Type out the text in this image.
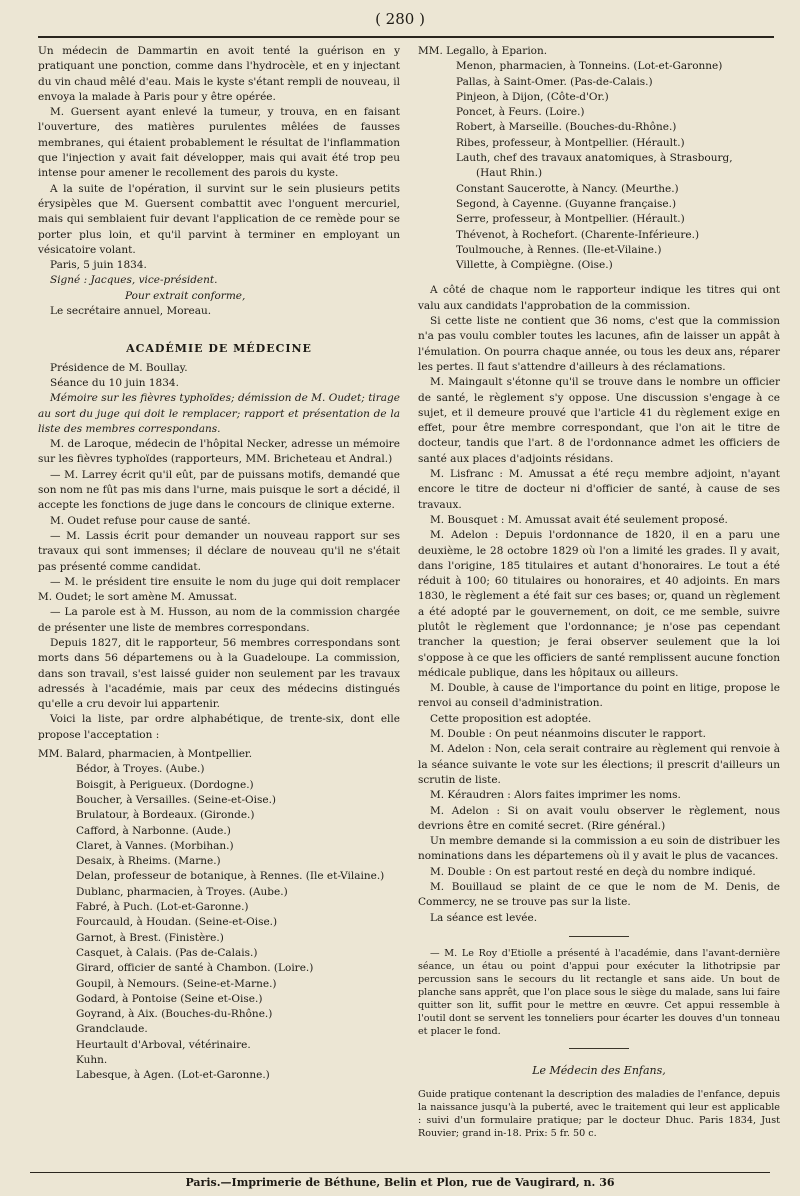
( 280 )

Un médecin de Dammartin en avoit tenté la guérison en y pratiquant une ponction, comme dans l'hydrocèle, et en y injectant du vin chaud mêlé d'eau. Mais le kyste s'étant rempli de nouveau, il envoya la malade à Paris pour y être opérée.

M. Guersent ayant enlevé la tumeur, y trouva, en en faisant l'ouverture, des matières purulentes mêlées de fausses membranes, qui étaient probablement le résultat de l'inflammation que l'injection y avait fait développer, mais qui avait été trop peu intense pour amener le recollement des parois du kyste.

A la suite de l'opération, il survint sur le sein plusieurs petits érysipèles que M. Guersent combattit avec l'onguent mercuriel, mais qui semblaient fuir devant l'application de ce remède pour se porter plus loin, et qu'il parvint à terminer en employant un vésicatoire volant.

Paris, 5 juin 1834.

Signé : Jacques, vice-président.

Pour extrait conforme,

Le secrétaire annuel, Moreau.

ACADÉMIE DE MÉDECINE

Présidence de M. Boullay.

Séance du 10 juin 1834.

Mémoire sur les fièvres typhoïdes; démission de M. Oudet; tirage au sort du juge qui doit le remplacer; rapport et présentation de la liste des membres correspondans.

M. de Laroque, médecin de l'hôpital Necker, adresse un mémoire sur les fièvres typhoïdes (rapporteurs, MM. Bricheteau et Andral.)

— M. Larrey écrit qu'il eût, par de puissans motifs, demandé que son nom ne fût pas mis dans l'urne, mais puisque le sort a décidé, il accepte les fonctions de juge dans le concours de clinique externe.

M. Oudet refuse pour cause de santé.

— M. Lassis écrit pour demander un nouveau rapport sur ses travaux qui sont immenses; il déclare de nouveau qu'il ne s'était pas présenté comme candidat.

— M. le président tire ensuite le nom du juge qui doit remplacer M. Oudet; le sort amène M. Amussat.

— La parole est à M. Husson, au nom de la commission chargée de présenter une liste de membres correspondans.

Depuis 1827, dit le rapporteur, 56 membres correspondans sont morts dans 56 départemens ou à la Guadeloupe. La commission, dans son travail, s'est laissé guider non seulement par les travaux adressés à l'académie, mais par ceux des médecins distingués qu'elle a cru devoir lui appartenir.

Voici la liste, par ordre alphabétique, de trente-six, dont elle propose l'acceptation :

MM. Balard, pharmacien, à Montpellier.
Bédor, à Troyes. (Aube.)
Boisgit, à Perigueux. (Dordogne.)
Boucher, à Versailles. (Seine-et-Oise.)
Brulatour, à Bordeaux. (Gironde.)
Cafford, à Narbonne. (Aude.)
Claret, à Vannes. (Morbihan.)
Desaix, à Rheims. (Marne.)
Delan, professeur de botanique, à Rennes. (Ile et-Vilaine.)
Dublanc, pharmacien, à Troyes. (Aube.)
Fabré, à Puch. (Lot-et-Garonne.)
Fourcauld, à Houdan. (Seine-et-Oise.)
Garnot, à Brest. (Finistère.)
Casquet, à Calais. (Pas de-Calais.)
Girard, officier de santé à Chambon. (Loire.)
Goupil, à Nemours. (Seine-et-Marne.)
Godard, à Pontoise (Seine et-Oise.)
Goyrand, à Aix. (Bouches-du-Rhône.)
Grandclaude.
Heurtault d'Arboval, vétérinaire.
Kuhn.
Labesque, à Agen. (Lot-et-Garonne.)
MM. Legallo, à Eparion.
Menon, pharmacien, à Tonneins. (Lot-et-Garonne)
Pallas, à Saint-Omer. (Pas-de-Calais.)
Pinjeon, à Dijon, (Côte-d'Or.)
Poncet, à Feurs. (Loire.)
Robert, à Marseille. (Bouches-du-Rhône.)
Ribes, professeur, à Montpellier. (Hérault.)
Lauth, chef des travaux anatomiques, à Strasbourg,
(Haut Rhin.)
Constant Saucerotte, à Nancy. (Meurthe.)
Segond, à Cayenne. (Guyanne française.)
Serre, professeur, à Montpellier. (Hérault.)
Thévenot, à Rochefort. (Charente-Inférieure.)
Toulmouche, à Rennes. (Ile-et-Vilaine.)
Villette, à Compiègne. (Oise.)

A côté de chaque nom le rapporteur indique les titres qui ont valu aux candidats l'approbation de la commission.

Si cette liste ne contient que 36 noms, c'est que la commission n'a pas voulu combler toutes les lacunes, afin de laisser un appât à l'émulation. On pourra chaque année, ou tous les deux ans, réparer les pertes. Il faut s'attendre d'ailleurs à des réclamations.

M. Maingault s'étonne qu'il se trouve dans le nombre un officier de santé, le règlement s'y oppose. Une discussion s'engage à ce sujet, et il demeure prouvé que l'article 41 du règlement exige en effet, pour être membre correspondant, que l'on ait le titre de docteur, tandis que l'art. 8 de l'ordonnance admet les officiers de santé aux places d'adjoints résidans.

M. Lisfranc : M. Amussat a été reçu membre adjoint, n'ayant encore le titre de docteur ni d'officier de santé, à cause de ses travaux.

M. Bousquet : M. Amussat avait été seulement proposé.

M. Adelon : Depuis l'ordonnance de 1820, il en a paru une deuxième, le 28 octobre 1829 où l'on a limité les grades. Il y avait, dans l'origine, 185 titulaires et autant d'honoraires. Le tout a été réduit à 100; 60 titulaires ou honoraires, et 40 adjoints. En mars 1830, le règlement a été fait sur ces bases; or, quand un règlement a été adopté par le gouvernement, on doit, ce me semble, suivre plutôt le règlement que l'ordonnance; je n'ose pas cependant trancher la question; je ferai observer seulement que la loi s'oppose à ce que les officiers de santé remplissent aucune fonction médicale publique, dans les hôpitaux ou ailleurs.

M. Double, à cause de l'importance du point en litige, propose le renvoi au conseil d'administration.

Cette proposition est adoptée.

M. Double : On peut néanmoins discuter le rapport.

M. Adelon : Non, cela serait contraire au règlement qui renvoie à la séance suivante le vote sur les élections; il prescrit d'ailleurs un scrutin de liste.

M. Kéraudren : Alors faites imprimer les noms.

M. Adelon : Si on avait voulu observer le règlement, nous devrions être en comité secret. (Rire général.)

Un membre demande si la commission a eu soin de distribuer les nominations dans les départemens où il y avait le plus de vacances.

M. Double : On est partout resté en deçà du nombre indiqué.

M. Bouillaud se plaint de ce que le nom de M. Denis, de Commercy, ne se trouve pas sur la liste.

La séance est levée.

— M. Le Roy d'Etiolle a présenté à l'académie, dans l'avant-dernière séance, un étau ou point d'appui pour exécuter la lithotripsie par percussion sans le secours du lit rectangle et sans aide. Un bout de planche sans apprêt, que l'on place sous le siège du malade, sans lui faire quitter son lit, suffit pour le mettre en œuvre. Cet appui ressemble à l'outil dont se servent les tonneliers pour écarter les douves d'un tonneau et placer le fond.

Le Médecin des Enfans,

Guide pratique contenant la description des maladies de l'enfance, depuis la naissance jusqu'à la puberté, avec le traitement qui leur est applicable : suivi d'un formulaire pratique; par le docteur Dhuc. Paris 1834, Just Rouvier; grand in-18. Prix: 5 fr. 50 c.

Paris.—Imprimerie de Béthune, Belin et Plon, rue de Vaugirard, n. 36
